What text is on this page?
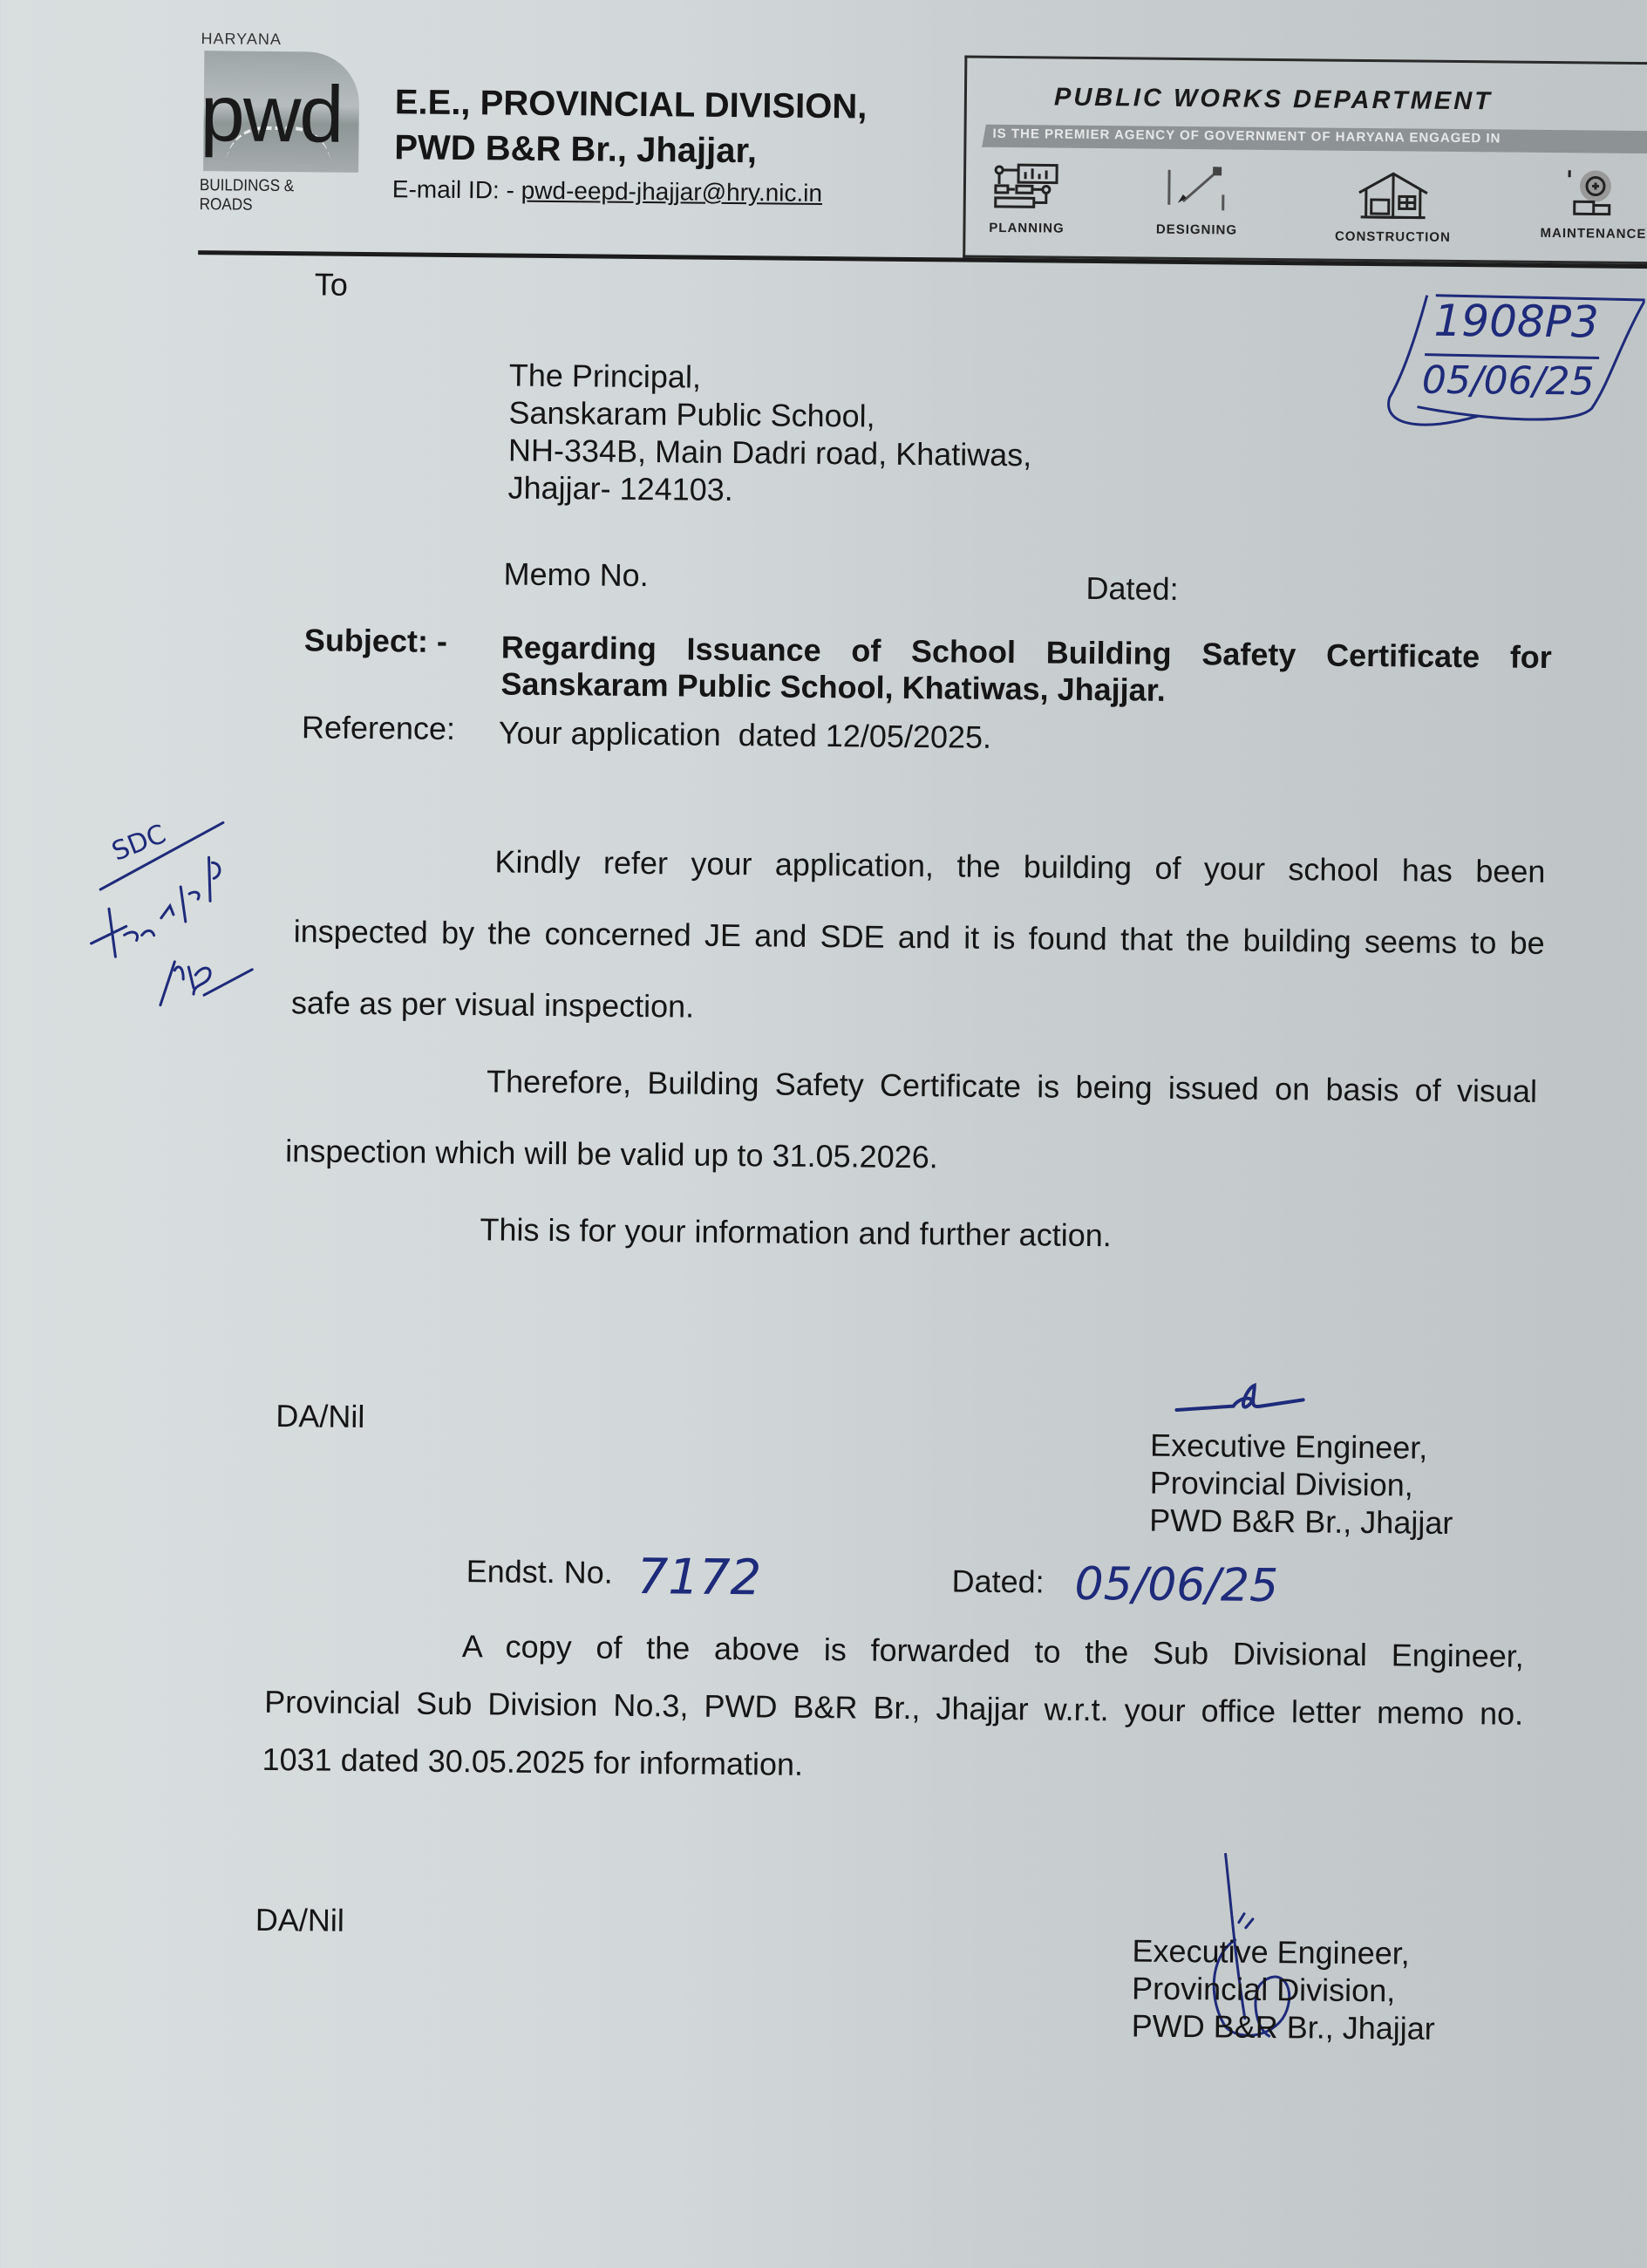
HARYANA
pwd
BUILDINGS & ROADS
E.E., PROVINCIAL DIVISION,
PWD B&R Br., Jhajjar,
E-mail ID: - pwd-eepd-jhajjar@hry.nic.in
PUBLIC WORKS DEPARTMENT
IS THE PREMIER AGENCY OF GOVERNMENT OF HARYANA ENGAGED IN
PLANNING	DESIGNING	CONSTRUCTION	MAINTENANCE
1908P3
05/06/25
To
The Principal,
Sanskaram Public School,
NH-334B, Main Dadri road, Khatiwas,
Jhajjar- 124103.
Memo No.	Dated:
Subject: - Regarding Issuance of School Building Safety Certificate for
Sanskaram Public School, Khatiwas, Jhajjar.
Reference: Your application  dated 12/05/2025.
Kindly refer your application, the building of your school has been
inspected by the concerned JE and SDE and it is found that the building seems to be
safe as per visual inspection.
Therefore, Building Safety Certificate is being issued on basis of visual
inspection which will be valid up to 31.05.2026.
This is for your information and further action.
SDC
DA/Nil
Executive Engineer,
Provincial Division,
PWD B&R Br., Jhajjar
Endst. No. 7172	Dated: 05/06/25
A copy of the above is forwarded to the Sub Divisional Engineer,
Provincial Sub Division No.3, PWD B&R Br., Jhajjar w.r.t. your office letter memo no.
1031 dated 30.05.2025 for information.
DA/Nil
Executive Engineer,
Provincial Division,
PWD B&R Br., Jhajjar
